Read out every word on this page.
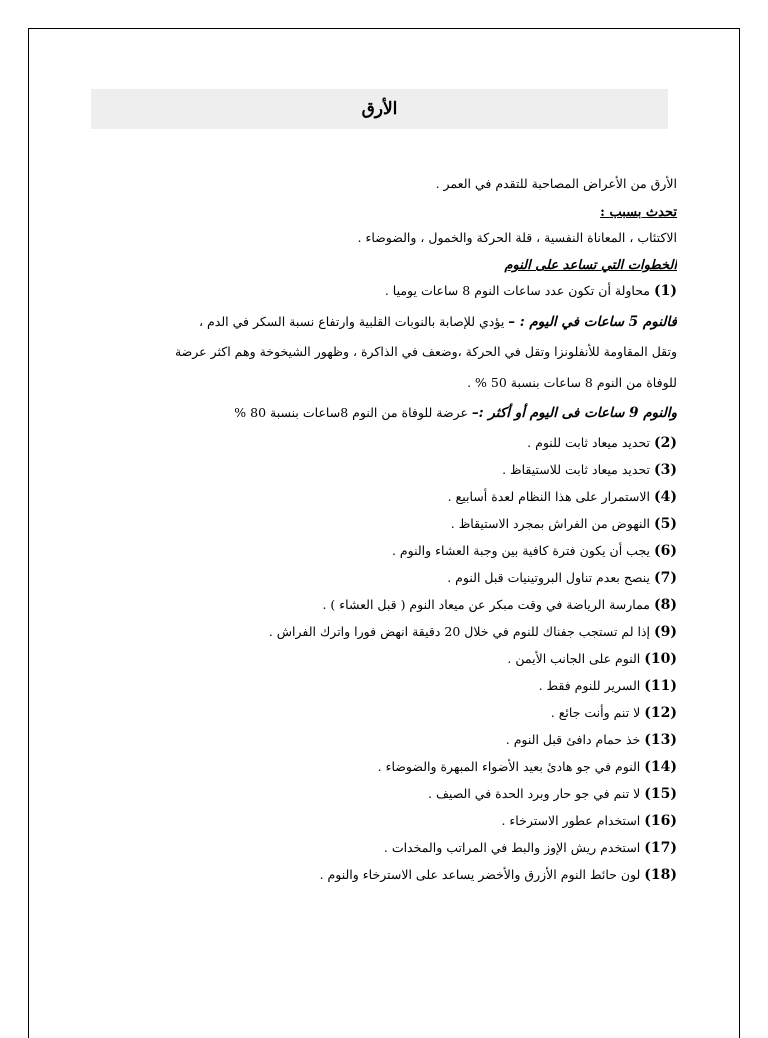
الأرق
الأرق من الأعراض المصاحبة للتقدم في العمر .
تحدث بسبب :
الاكتئاب ، المعاناة النفسية ، قلة الحركة والخمول ، والضوضاء .
الخطوات التي تساعد على النوم
(1) محاولة أن تكون عدد ساعات النوم 8 ساعات يوميا .
فالنوم 5 ساعات في اليوم : – يؤدي للإصابة بالنوبات القلبية وارتفاع نسبة السكر في الدم ،
وتقل المقاومة للأنفلونزا وتقل في الحركة ،وضعف في الذاكرة ، وظهور الشيخوخة وهم اكثر عرضة
للوفاة من النوم 8 ساعات بنسبة 50 % .
والنوم 9 ساعات فى اليوم أو أكثر :– عرضة للوفاة من النوم 8ساعات بنسبة 80 %
(2) تحديد ميعاد ثابت للنوم .
(3) تحديد ميعاد ثابت للاستيقاظ .
(4) الاستمرار على هذا النظام لعدة أسابيع .
(5) النهوض من الفراش بمجرد الاستيقاظ .
(6) يجب أن يكون فترة كافية بين وجبة العشاء والنوم .
(7) ينصح بعدم تناول البروتينيات قبل النوم .
(8) ممارسة الرياضة في وقت مبكر عن ميعاد النوم ( قبل العشاء ) .
(9) إذا لم تستجب جفناك للنوم في خلال 20 دقيقة انهض فورا واترك الفراش .
(10) النوم على الجانب الأيمن .
(11) السرير للنوم فقط .
(12) لا تنم وأنت جائع .
(13) خذ حمام دافئ قبل النوم .
(14) النوم في جو هادئ بعيد الأضواء المبهرة والضوضاء .
(15) لا تنم في جو حار وبرد الحدة في الصيف .
(16) استخدام عطور الاسترخاء .
(17) استخدم ريش الإوز والبط في المراتب والمخدات .
(18) لون حائط النوم الأزرق والأخضر يساعد على الاسترخاء والنوم .
